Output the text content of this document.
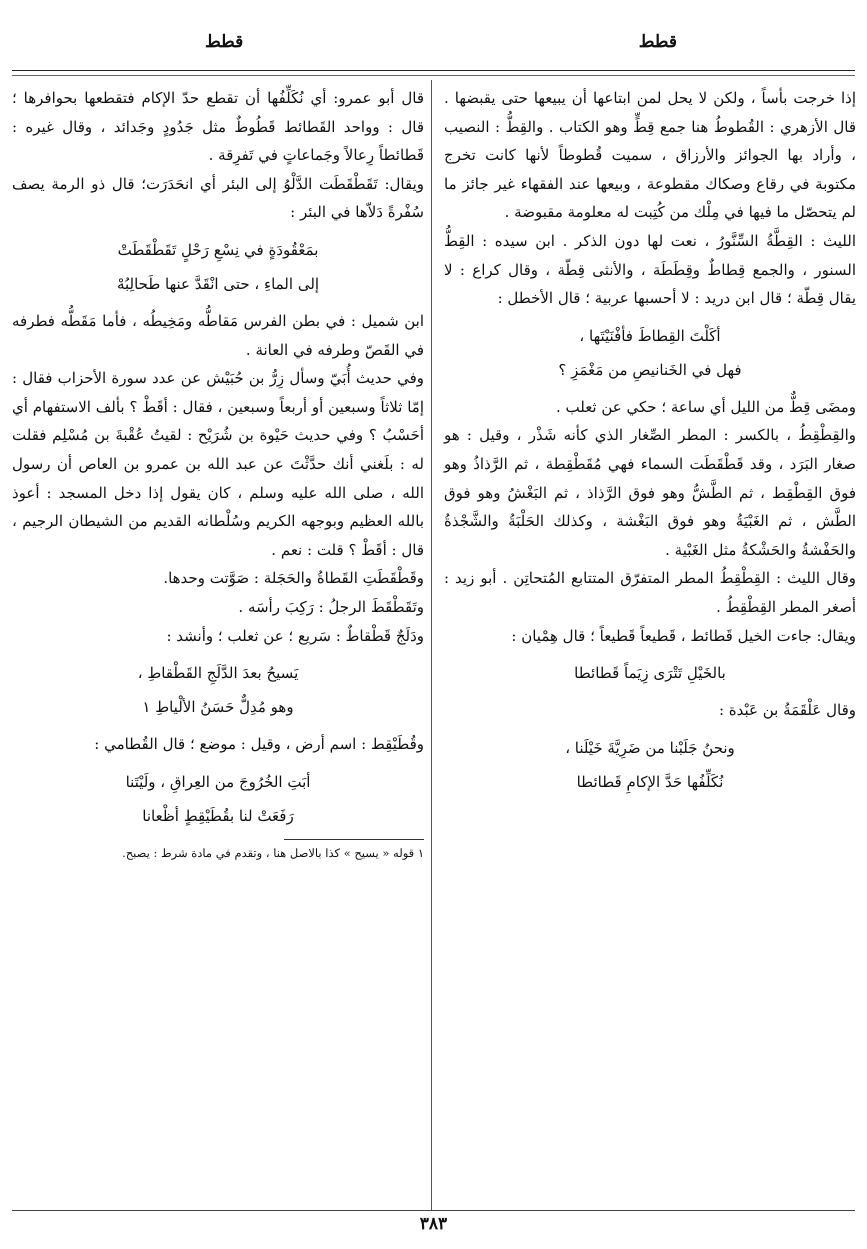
قطط
قطط

إذا خرجت بأساً ، ولكن لا يحل لمن ابتاعها أن يبيعها حتى يقبضها . قال الأزهري : القُطوطُ هنا جمع قِطٍّ وهو الكتاب . والقِطُّ : النصيب ، وأراد بها الجوائز والأرزاق ، سميت قُطوطاً لأنها كانت تخرج مكتوبة في رقاع وصكاك مقطوعة ، وبيعها عند الفقهاء غير جائز ما لم يتحصّل ما فيها في مِلْك من كُتِبت له معلومة مقبوضة .

الليث : القِطَّةُ السِّنَّورُ ، نعت لها دون الذكر . ابن سيده : القِطُّ السنور ، والجمع قِطاطٌ وقِطَطَة ، والأنثى قِطّة ، وقال كراع : لا يقال قِطّة ؛ قال ابن دريد : لا أحسبها عربية ؛ قال الأخطل :

أكَلْتَ القِطاطَ فأفْنَيْتَها ،
فهل في الخَنانيصِ من مَغْمَزِ ؟

ومضَى قِطٌّ من الليل أي ساعة ؛ حكي عن ثعلب .

والقِطْقِطُ ، بالكسر : المطر الصِّغار الذي كأنه شَذْر ، وقيل : هو صغار البَرَد ، وقد قَطْقَطَت السماء فهي مُقَطْقِطة ، ثم الرَّذاذُ وهو فوق القِطْقِط ، ثم الطَّشُّ وهو فوق الرَّذاذ ، ثم البَغْشُ وهو فوق الطَّش ، ثم الغَبْيَةُ وهو فوق البَغْشة ، وكذلك الحَلْبَةُ والشَّجْذةُ والحَفْشةُ والحَشْكةُ مثل الغَبْية .

وقال الليث : القِطْقِطُ المطر المتفرّق المتتابع المُتحاتِن . أبو زيد : أصغر المطر القِطْقِطُ .

ويقال: جاءت الخيل قَطائط ، قَطيعاً قَطيعاً ؛ قال هِمْيان :

بالخَيْلِ تَتْرَى زِيَماً قَطائطا

وقال عَلْقَمَةُ بن عَبْدة :

ونحنُ جَلَبْنا من ضَرِيَّةَ خَيْلَنا ،
نُكَلِّفُها حَدَّ الإكامِ قَطائطا

قال أبو عمرو: أي نُكَلِّفُها أن تقطع حدّ الإكام فتقطعها بحوافرها ؛ قال : وواحد القَطائط قَطُوطٌ مثل جَدُودٍ وجَدائد ، وقال غيره : قَطائطاً رِعالاً وجَماعاتٍ في تَفرِقة .

ويقال: تَقَطْقَطَت الدَّلْوُ إلى البئر أي انحَدَرَت؛ قال ذو الرمة يصف سُفْرةً دَلاّها في البئر :

بمَعْقُودَةٍ في نِسْعِ رَحْلٍ تَقَطْقَطَتْ
إلى الماءِ ، حتى انْقَدَّ عنها طَحالِبُهْ

ابن شميل : في بطن الفرس مَقاطُّه ومَخِيطُه ، فأما مَقَطُّه فطرفه في القَصّ وطرفه في العانة .

وفي حديث أُبَيّ وسأل زِرُّ بن حُبَيْش عن عدد سورة الأحزاب فقال : إمّا ثلاثاً وسبعين أو أربعاً وسبعين ، فقال : أقَطْ ؟ بألف الاستفهام أي أحَسْبُ ؟ وفي حديث حَيْوة بن شُرَيْح : لقيتُ عُقْبةَ بن مُسْلِم فقلت له : بلَغني أنك حدَّثْتَ عن عبد الله بن عمرو بن العاص أن رسول الله ، صلى الله عليه وسلم ، كان يقول إذا دخل المسجد : أعوذ بالله العظيم وبوجهه الكريم وسُلْطانه القديم من الشيطان الرجيم ، قال : أقَطْ ؟ قلت : نعم .

وقَطْقَطَتِ القَطاةُ والحَجَلة : صَوَّتت وحدها.

وتَقَطْقَطَ الرجلُ : رَكِبَ رأسَه .

ودَلَجٌ قَطْقاطٌ : سَريع ؛ عن ثعلب ؛ وأنشد :

يَسيحُ بعدَ الدَّلَجِ القَطْقاطِ ،
وهو مُدِلٌّ حَسَنُ الألْياطِ ١

وقُطَيْقِط : اسم أرض ، وقيل : موضع ؛ قال القُطامي :

أبَتِ الخُرُوجَ من العِراقِ ، ولَيْتَنا
رَفَعَتْ لنا بقُطَيْقِطٍ أظْعانا
١ قوله « يسيح » كذا بالاصل هنا ، وتقدم في مادة شرط : يصبح.
٣٨٣
